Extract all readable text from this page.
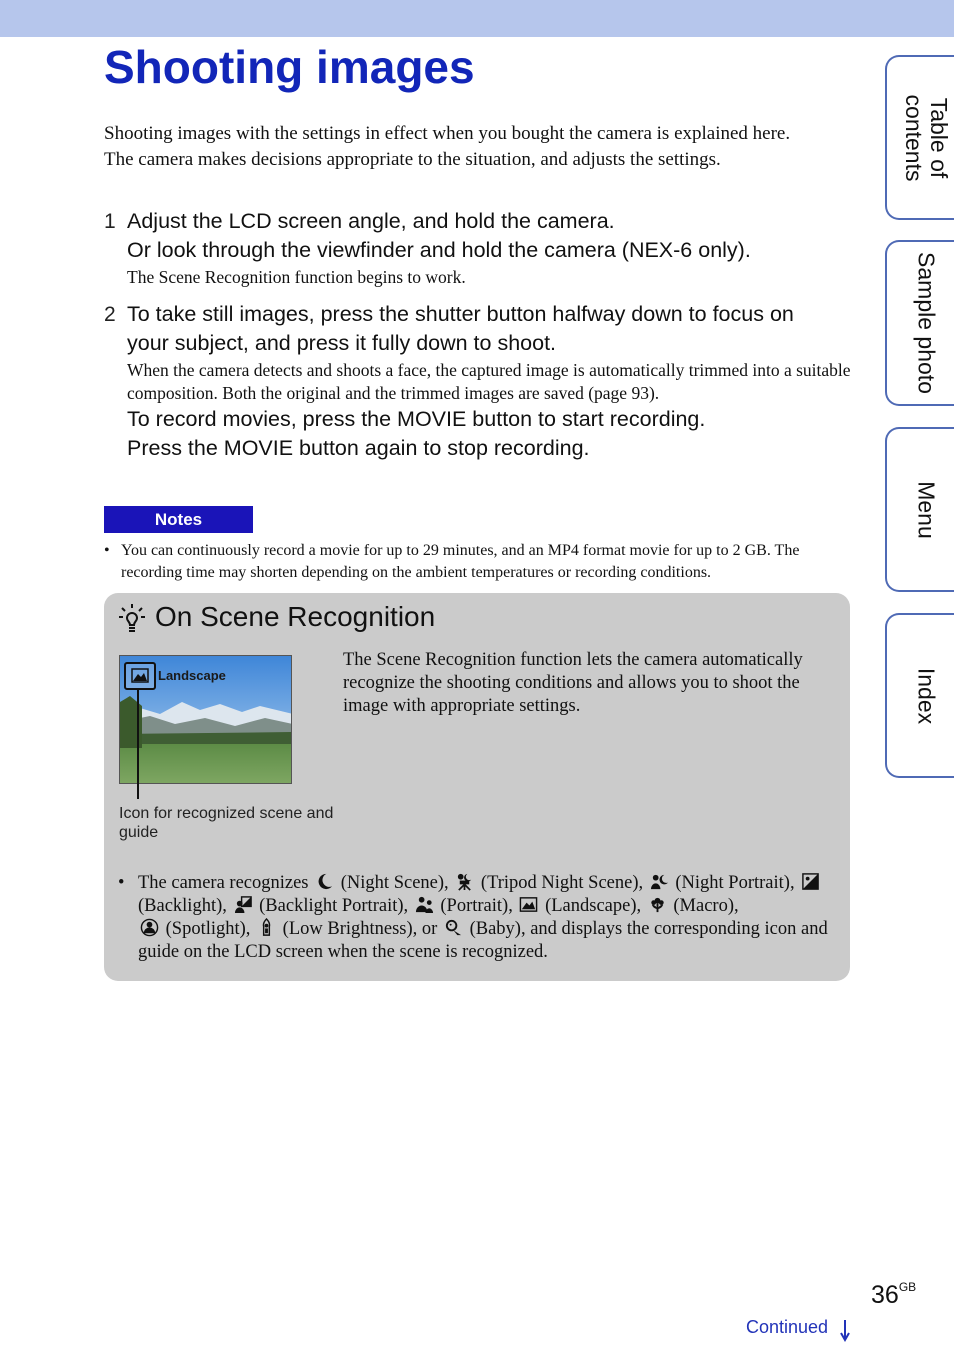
Shooting images

Shooting images with the settings in effect when you bought the camera is explained here.

The camera makes decisions appropriate to the situation, and adjusts the settings.

1 Adjust the LCD screen angle, and hold the camera.
Or look through the viewfinder and hold the camera (NEX-6 only).
The Scene Recognition function begins to work.
2 To take still images, press the shutter button halfway down to focus on
your subject, and press it fully down to shoot.
When the camera detects and shoots a face, the captured image is automatically trimmed into a suitable composition. Both the original and the trimmed images are saved (page 93).
To record movies, press the MOVIE button to start recording.
Press the MOVIE button again to stop recording.
Notes
• You can continuously record a movie for up to 29 minutes, and an MP4 format movie for up to 2 GB. The recording time may shorten depending on the ambient temperatures or recording conditions.
On Scene Recognition
Landscape
Icon for recognized scene and guide
The Scene Recognition function lets the camera automatically recognize the shooting conditions and allows you to shoot the image with appropriate settings.
• The camera recognizes (Night Scene), (Tripod Night Scene), (Night Portrait),  (Backlight), (Backlight Portrait), (Portrait), (Landscape), (Macro),
(Spotlight), (Low Brightness), or (Baby), and displays the corresponding icon and guide on the LCD screen when the scene is recognized.
Table of
contents
Sample photo
Menu
Index
$36^{GB}$
Continued
